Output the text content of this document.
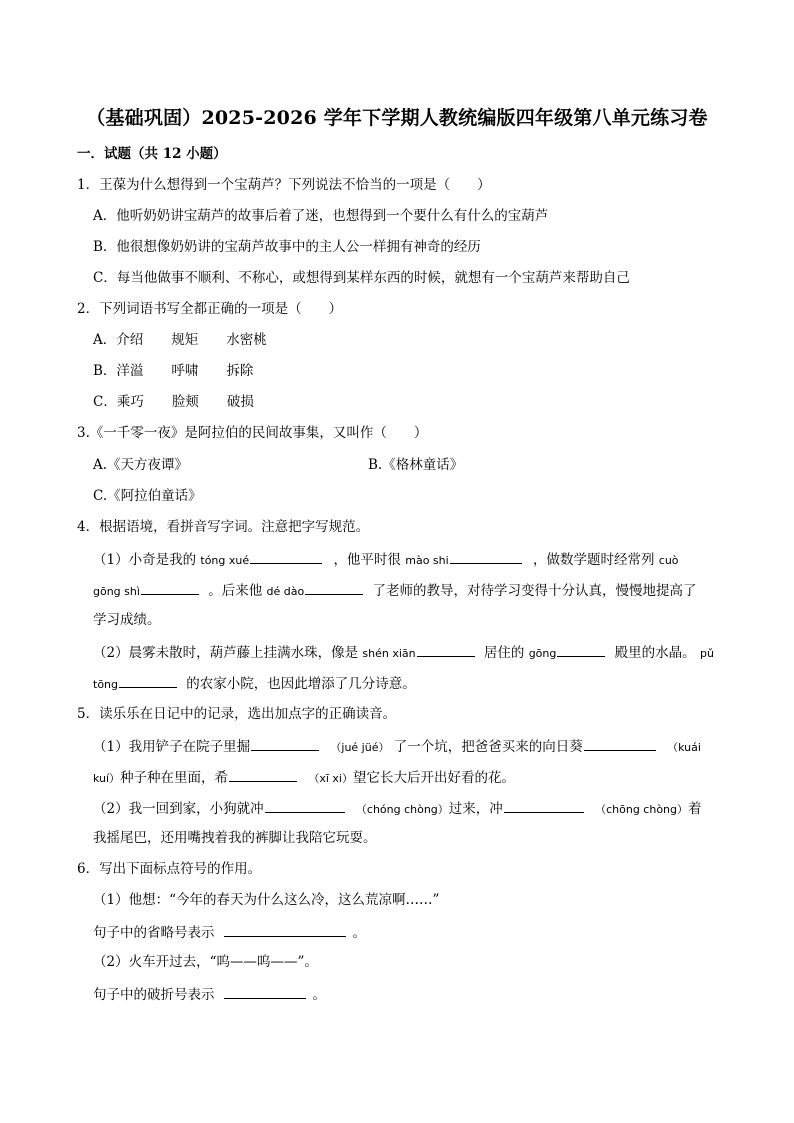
（基础巩固）2025-2026 学年下学期人教统编版四年级第八单元练习卷
一．试题（共 12 小题）
1．王葆为什么想得到一个宝葫芦？下列说法不恰当的一项是（　　）
A．他听奶奶讲宝葫芦的故事后着了迷，也想得到一个要什么有什么的宝葫芦
B．他很想像奶奶讲的宝葫芦故事中的主人公一样拥有神奇的经历
C．每当他做事不顺利、不称心，或想得到某样东西的时候，就想有一个宝葫芦来帮助自己
2．下列词语书写全都正确的一项是（　　）
A．介绍 规矩 水密桃
B．洋溢 呼啸 拆除
C．乘巧 脸颊 破损
3.《一千零一夜》是阿拉伯的民间故事集，又叫作（　　）
A.《天方夜谭》	B.《格林童话》
C.《阿拉伯童话》
4．根据语境，看拼音写字词。注意把字写规范。
（1）小奇是我的 tóng xué	，他平时很 mào shi	，做数学题时经常列 cuò
gōng shì	。后来他 dé dào	了老师的教导，对待学习变得十分认真，慢慢地提高了
学习成绩。
（2）晨雾未散时，葫芦藤上挂满水珠，像是 shén xiān	居住的 gōng	殿里的水晶。 pǔ
tōng	的农家小院，也因此增添了几分诗意。
5．读乐乐在日记中的记录，选出加点字的正确读音。
（1）我用铲子在院子里掘	（jué jüé） 了一个坑，把爸爸买来的向日葵	（kuái
kuí）种子种在里面，希	（xī xi）望它长大后开出好看的花。
（2）我一回到家，小狗就冲	（chóng chòng）过来，冲	（chōng chòng）着
我摇尾巴，还用嘴拽着我的裤脚让我陪它玩耍。
6．写出下面标点符号的作用。
（1）他想：“今年的春天为什么这么冷，这么荒凉啊……”
句子中的省略号表示	。
（2）火车开过去，“呜——呜——”。
句子中的破折号表示	。
